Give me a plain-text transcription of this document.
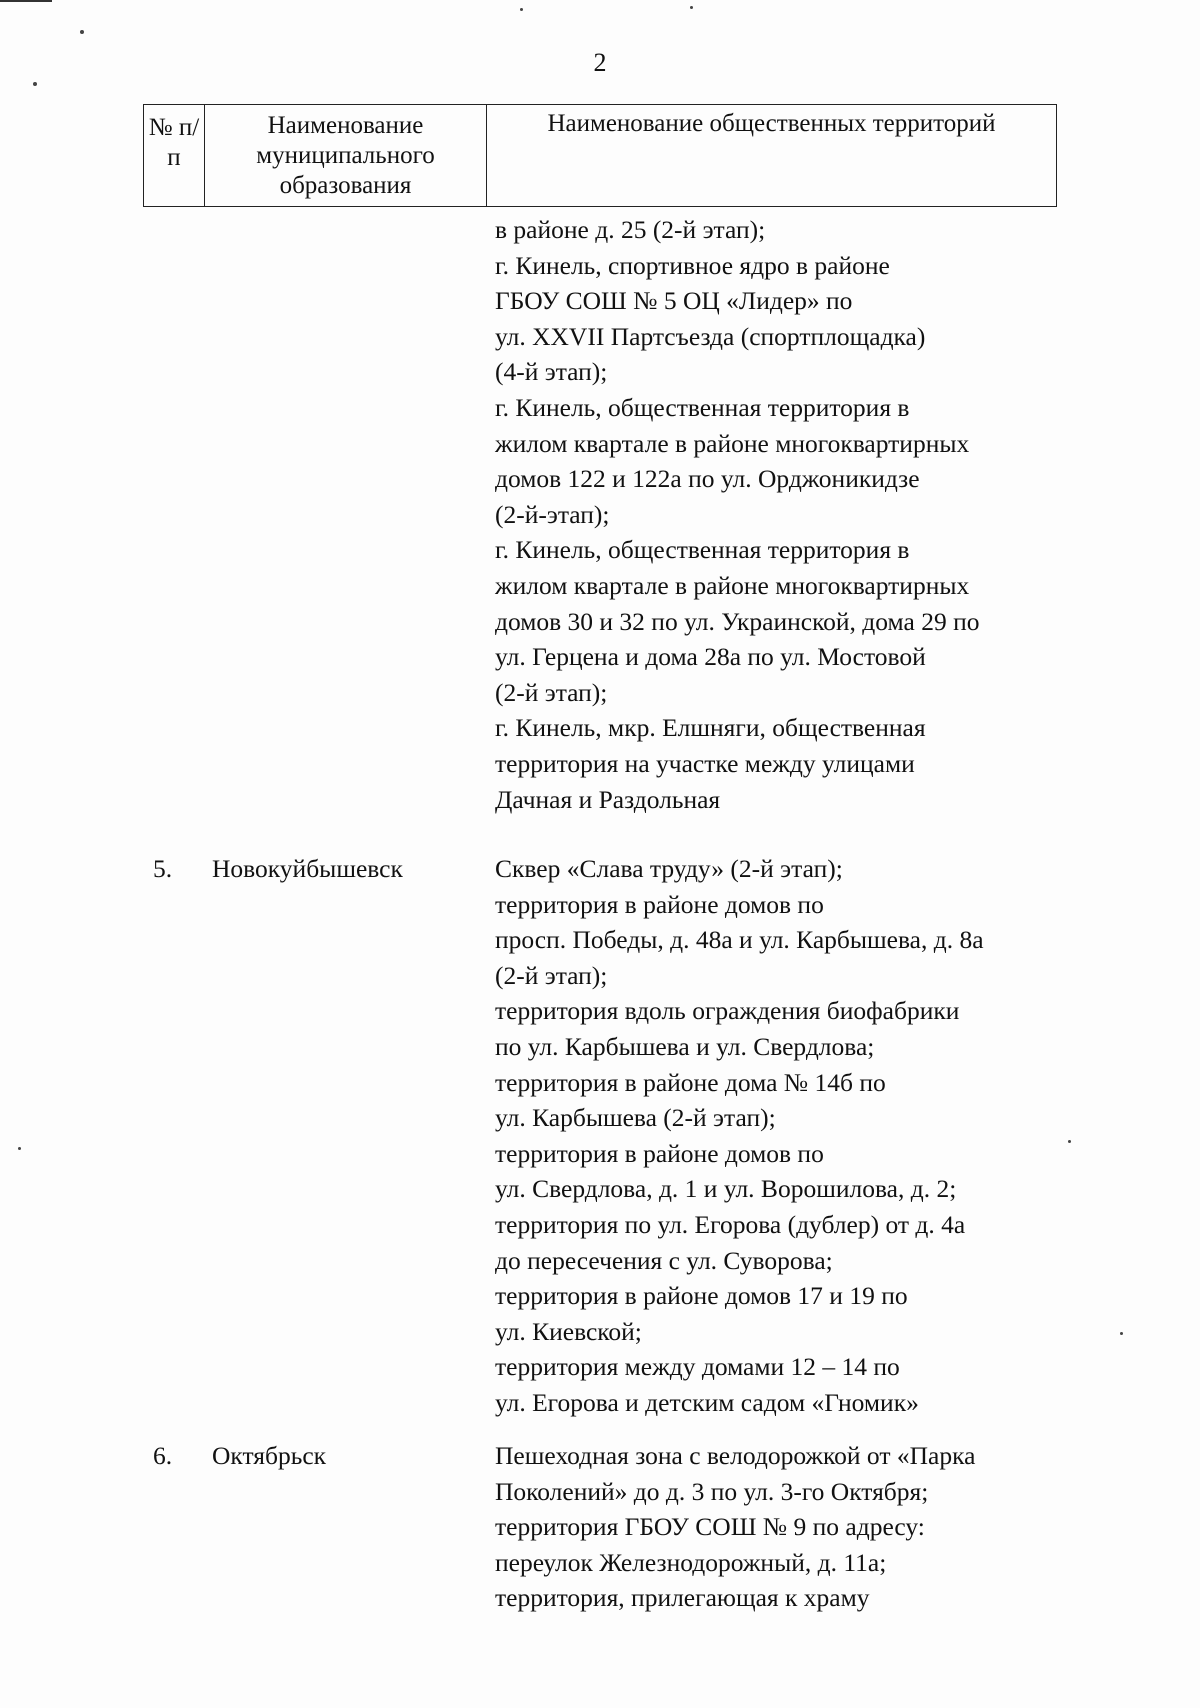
2
№ п/п
Наименование муниципального образования
Наименование общественных территорий
в районе д. 25 (2-й этап);
г. Кинель, спортивное ядро в районе
ГБОУ СОШ № 5 ОЦ «Лидер» по
ул. XXVII Партсъезда (спортплощадка)
(4-й этап);
г. Кинель, общественная территория в
жилом квартале в районе многоквартирных
домов 122 и 122а по ул. Орджоникидзе
(2-й-этап);
г. Кинель, общественная территория в
жилом квартале в районе многоквартирных
домов 30 и 32 по ул. Украинской, дома 29 по
ул. Герцена и дома 28а по ул. Мостовой
(2-й этап);
г. Кинель, мкр. Елшняги, общественная
территория на участке между улицами
Дачная и Раздольная
5. Новокуйбышевск	Сквер «Слава труду» (2-й этап);
территория в районе домов по
просп. Победы, д. 48а и ул. Карбышева, д. 8а
(2-й этап);
территория вдоль ограждения биофабрики
по ул. Карбышева и ул. Свердлова;
территория в районе дома № 14б по
ул. Карбышева (2-й этап);
территория в районе домов по
ул. Свердлова, д. 1 и ул. Ворошилова, д. 2;
территория по ул. Егорова (дублер) от д. 4а
до пересечения с ул. Суворова;
территория в районе домов 17 и 19 по
ул. Киевской;
территория между домами 12 – 14 по
ул. Егорова и детским садом «Гномик»
6. Октябрьск	Пешеходная зона с велодорожкой от «Парка
Поколений» до д. 3 по ул. 3-го Октября;
территория ГБОУ СОШ № 9 по адресу:
переулок Железнодорожный, д. 11а;
территория, прилегающая к храму
